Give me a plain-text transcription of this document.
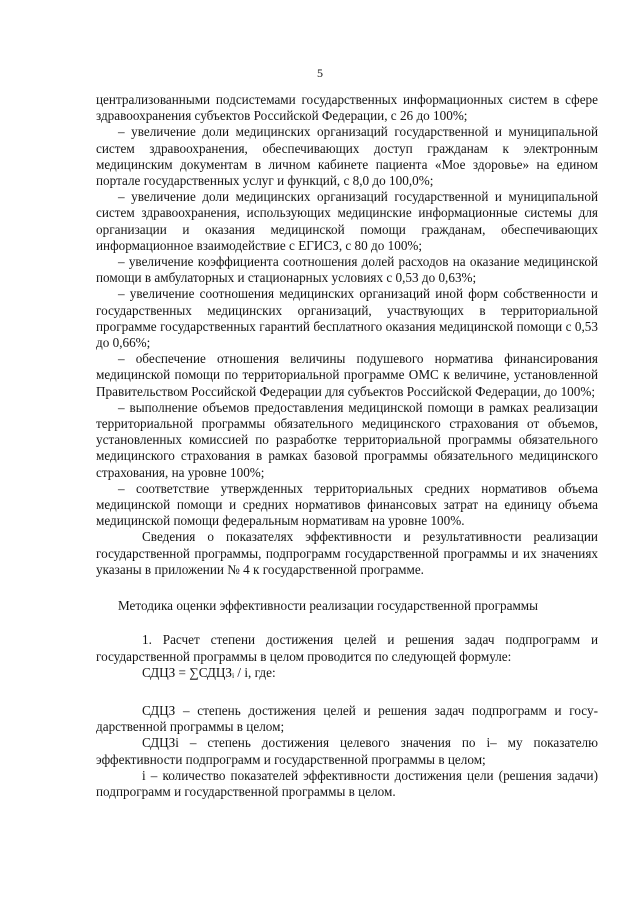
5

централизованными подсистемами государственных информационных систем в сфере здравоохранения субъектов Российской Федерации, с 26 до 100%;

– увеличение доли медицинских организаций государственной и муниципальной систем здравоохранения, обеспечивающих доступ гражданам к электронным медицинским документам в личном кабинете пациента «Мое здоровье» на едином портале государственных услуг и функций, с 8,0 до 100,0%;

– увеличение доли медицинских организаций государственной и муниципальной систем здравоохранения, использующих медицинские информационные системы для организации и оказания медицинской помощи гражданам, обеспечивающих информационное взаимодействие с ЕГИСЗ, с 80 до 100%;

– увеличение коэффициента соотношения долей расходов на оказание медицинской помощи в амбулаторных и стационарных условиях с 0,53 до 0,63%;

– увеличение соотношения медицинских организаций иной форм собственности и государственных медицинских организаций, участвующих в территориальной программе государственных гарантий бесплатного оказания медицинской помощи с 0,53 до 0,66%;

– обеспечение отношения величины подушевого норматива финансирования медицинской помощи по территориальной программе ОМС к величине, установленной Правительством Российской Федерации для субъектов Российской Федерации, до 100%;

– выполнение объемов предоставления медицинской помощи в рамках реализации территориальной программы обязательного медицинского страхования от объемов, установленных комиссией по разработке территориальной программы обязательного медицинского страхования в рамках базовой программы обязательного медицинского страхования, на уровне 100%;

– соответствие утвержденных территориальных средних нормативов объема медицинской помощи и средних нормативов финансовых затрат на единицу объема медицинской помощи федеральным нормативам на уровне 100%.

Сведения о показателях эффективности и результативности реализации государственной программы, подпрограмм государственной программы и их значениях указаны в приложении № 4 к государственной программе.

Методика оценки эффективности реализации государственной программы

1. Расчет степени достижения целей и решения задач подпрограмм и государственной программы в целом проводится по следующей формуле:

СДЦЗ = ∑СДЦЗᵢ / i, где:

СДЦЗ – степень достижения целей и решения задач подпрограмм и государственной программы в целом;

СДЦЗi – степень достижения целевого значения по i– му показателю эффективности подпрограмм и государственной программы в целом;

i – количество показателей эффективности достижения цели (решения задачи) подпрограмм и государственной программы в целом.
